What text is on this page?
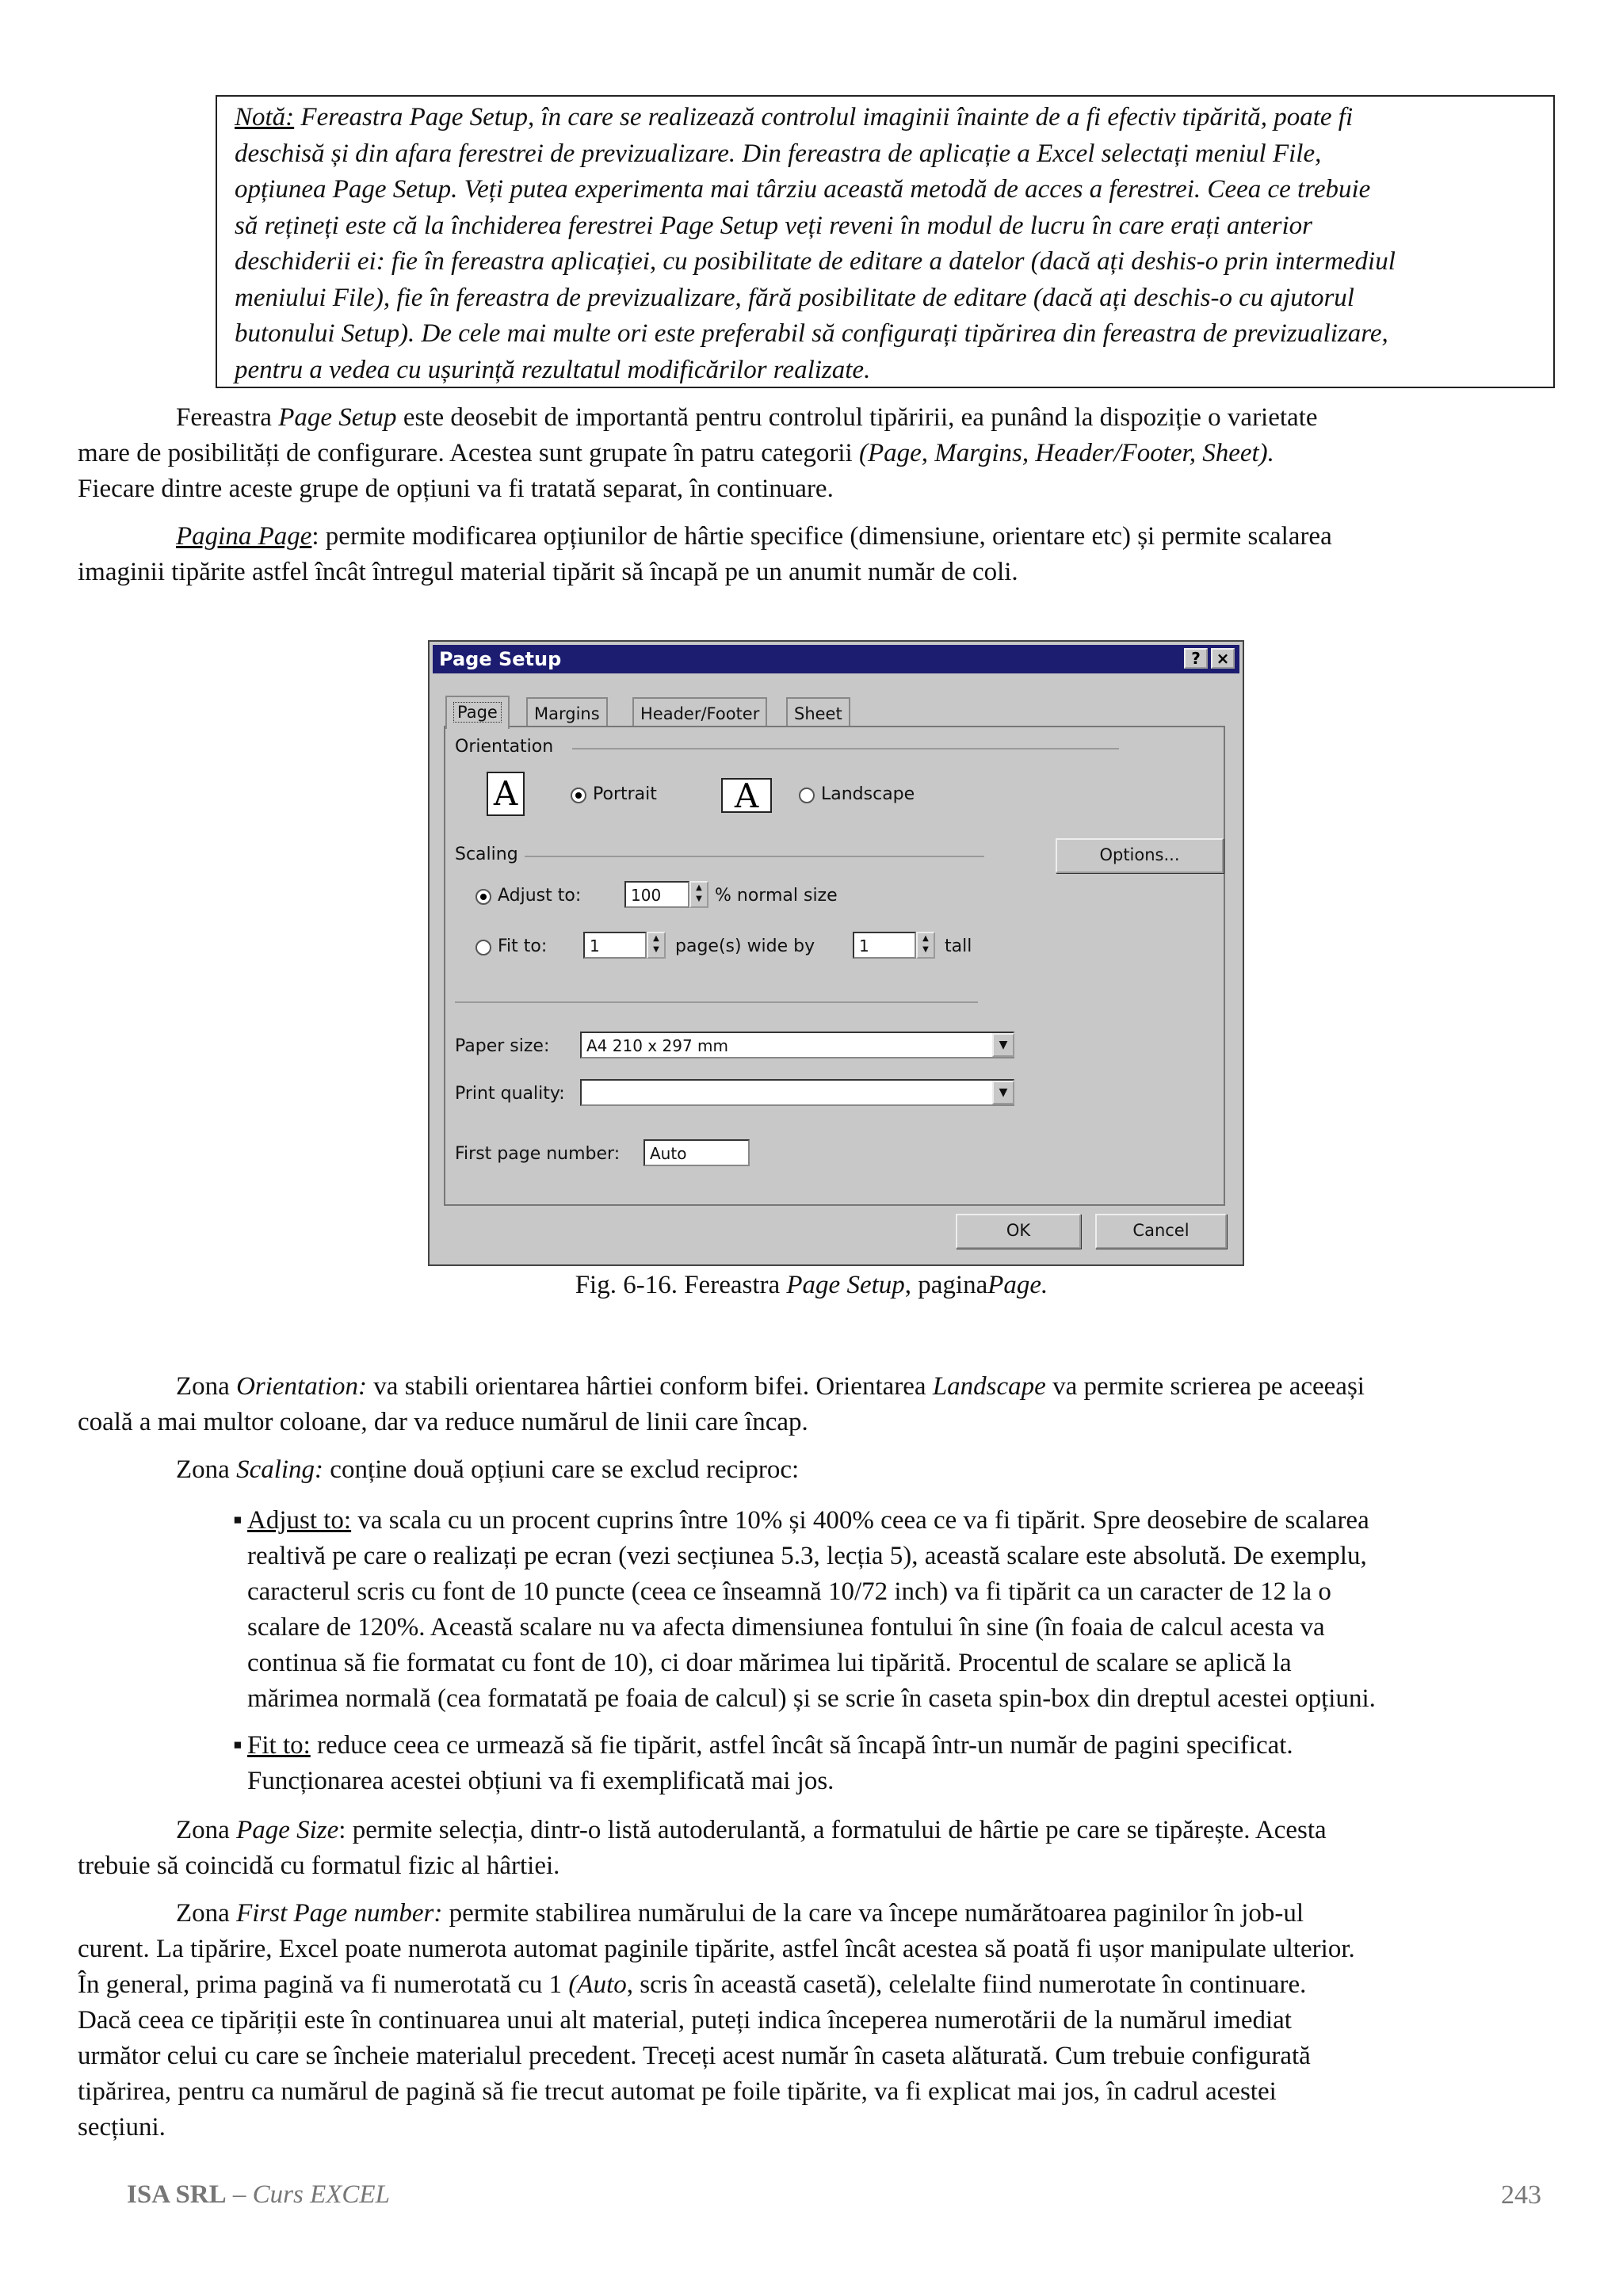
Notă: Fereastra Page Setup, în care se realizează controlul imaginii înainte de a fi efectiv tipărită, poate fi
deschisă și din afara ferestrei de previzualizare. Din fereastra de aplicație a Excel selectați meniul File,
opțiunea Page Setup. Veți putea experimenta mai târziu această metodă de acces a ferestrei. Ceea ce trebuie
să rețineți este că la închiderea ferestrei Page Setup veți reveni în modul de lucru în care erați anterior
deschiderii ei: fie în fereastra aplicației, cu posibilitate de editare a datelor (dacă ați deshis-o prin intermediul
meniului File), fie în fereastra de previzualizare, fără posibilitate de editare (dacă ați deschis-o cu ajutorul
butonului Setup). De cele mai multe ori este preferabil să configurați tipărirea din fereastra de previzualizare,
pentru a vedea cu ușurință rezultatul modificărilor realizate.
Fereastra Page Setup este deosebit de importantă pentru controlul tipăririi, ea punând la dispoziție o varietate
mare de posibilități de configurare. Acestea sunt grupate în patru categorii (Page, Margins, Header/Footer, Sheet).
Fiecare dintre aceste grupe de opțiuni va fi tratată separat, în continuare.
Pagina Page: permite modificarea opțiunilor de hârtie specifice (dimensiune, orientare etc) și permite scalarea
imaginii tipărite astfel încât întregul material tipărit să încapă pe un anumit număr de coli.
Page Setup	? ×
Page	Margins	Header/Footer	Sheet
Orientation
A	Portrait	A	Landscape
Scaling	Options...
Adjust to:	100	▲
▼ % normal size
Fit to:	1	▲
▼ page(s) wide by	1	▲
▼ tall
Paper size:	A4 210 x 297 mm	▼
Print quality:	▼
First page number:	Auto
OK	Cancel
Fig. 6-16. Fereastra Page Setup, paginaPage.
Zona Orientation: va stabili orientarea hârtiei conform bifei. Orientarea Landscape va permite scrierea pe aceeași
coală a mai multor coloane, dar va reduce numărul de linii care încap.
Zona Scaling: conține două opțiuni care se exclud reciproc:
▪ Adjust to: va scala cu un procent cuprins între 10% și 400% ceea ce va fi tipărit. Spre deosebire de scalarea
realtivă pe care o realizați pe ecran (vezi secțiunea 5.3, lecția 5), această scalare este absolută. De exemplu,
caracterul scris cu font de 10 puncte (ceea ce înseamnă 10/72 inch) va fi tipărit ca un caracter de 12 la o
scalare de 120%. Această scalare nu va afecta dimensiunea fontului în sine (în foaia de calcul acesta va
continua să fie formatat cu font de 10), ci doar mărimea lui tipărită. Procentul de scalare se aplică la
mărimea normală (cea formatată pe foaia de calcul) și se scrie în caseta spin-box din dreptul acestei opțiuni.
▪ Fit to: reduce ceea ce urmează să fie tipărit, astfel încât să încapă într-un număr de pagini specificat.
Funcționarea acestei obțiuni va fi exemplificată mai jos.
Zona Page Size: permite selecția, dintr-o listă autoderulantă, a formatului de hârtie pe care se tipărește. Acesta
trebuie să coincidă cu formatul fizic al hârtiei.
Zona First Page number: permite stabilirea numărului de la care va începe numărătoarea paginilor în job-ul
curent. La tipărire, Excel poate numerota automat paginile tipărite, astfel încât acestea să poată fi ușor manipulate ulterior.
În general, prima pagină va fi numerotată cu 1 (Auto, scris în această casetă), celelalte fiind numerotate în continuare.
Dacă ceea ce tipăriții este în continuarea unui alt material, puteți indica începerea numerotării de la numărul imediat
următor celui cu care se încheie materialul precedent. Treceți acest număr în caseta alăturată. Cum trebuie configurată
tipărirea, pentru ca numărul de pagină să fie trecut automat pe foile tipărite, va fi explicat mai jos, în cadrul acestei
secțiuni.
ISA SRL – Curs EXCEL	243
